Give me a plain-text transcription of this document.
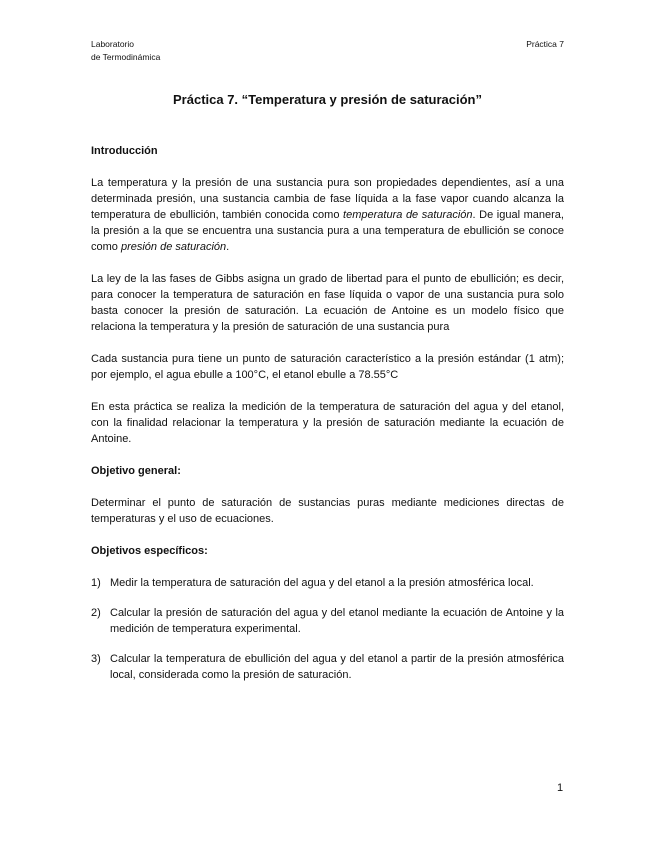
Laboratorio
de Termodinámica
Práctica 7
Práctica 7. “Temperatura y presión de saturación”
Introducción
La temperatura y la presión de una sustancia pura son propiedades dependientes, así a una determinada presión, una sustancia cambia de fase líquida a la fase vapor cuando alcanza la temperatura de ebullición, también conocida como temperatura de saturación. De igual manera, la presión a la que se encuentra una sustancia pura a una temperatura de ebullición se conoce como presión de saturación.
La ley de la las fases de Gibbs asigna un grado de libertad para el punto de ebullición; es decir, para conocer la temperatura de saturación en fase líquida o vapor de una sustancia pura solo basta conocer la presión de saturación. La ecuación de Antoine es un modelo físico que relaciona la temperatura y la presión de saturación de una sustancia pura
Cada sustancia pura tiene un punto de saturación característico a la presión estándar (1 atm); por ejemplo, el agua ebulle a 100°C, el etanol ebulle a 78.55°C
En esta práctica se realiza la medición de la temperatura de saturación del agua y del etanol, con la finalidad relacionar la temperatura y la presión de saturación mediante la ecuación de Antoine.
Objetivo general:
Determinar el punto de saturación de sustancias puras mediante mediciones directas de temperaturas y el uso de ecuaciones.
Objetivos específicos:
1) Medir la temperatura de saturación del agua y del etanol a la presión atmosférica local.
2) Calcular la presión de saturación del agua y del etanol mediante la ecuación de Antoine y la medición de temperatura experimental.
3) Calcular la temperatura de ebullición del agua y del etanol a partir de la presión atmosférica local, considerada como la presión de saturación.
1
